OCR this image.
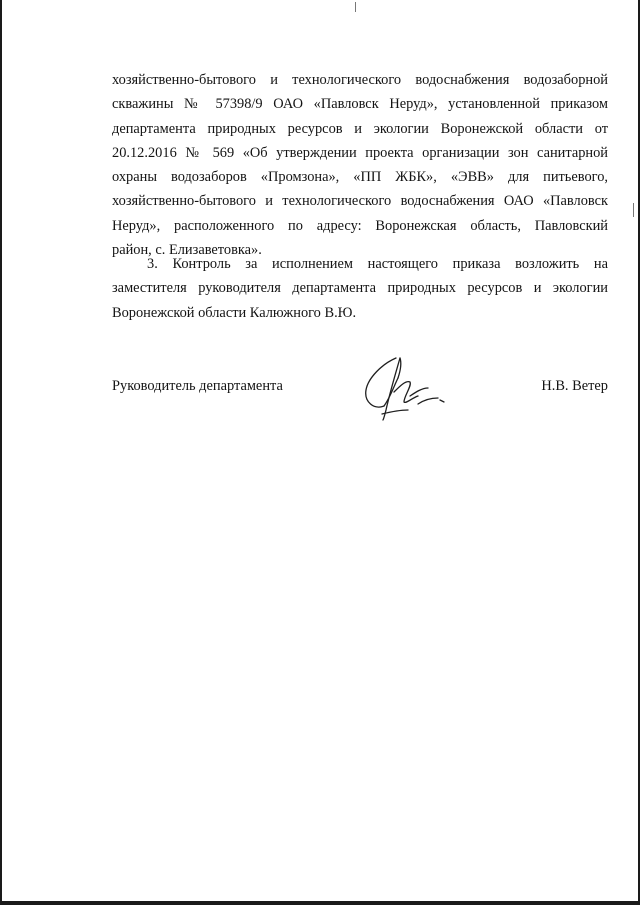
хозяйственно-бытового и технологического водоснабжения водозаборной
скважины № 57398/9 ОАО «Павловск Неруд», установленной приказом
департамента природных ресурсов и экологии Воронежской области от
20.12.2016 № 569 «Об утверждении проекта организации зон санитарной
охраны водозаборов «Промзона», «ПП ЖБК», «ЭВВ» для питьевого,
хозяйственно-бытового и технологического водоснабжения ОАО «Павловск
Неруд», расположенного по адресу: Воронежская область, Павловский
район, с. Елизаветовка».
3. Контроль за исполнением настоящего приказа возложить на
заместителя руководителя департамента природных ресурсов и экологии
Воронежской области Калюжного В.Ю.
Руководитель департамента	Н.В. Ветер
